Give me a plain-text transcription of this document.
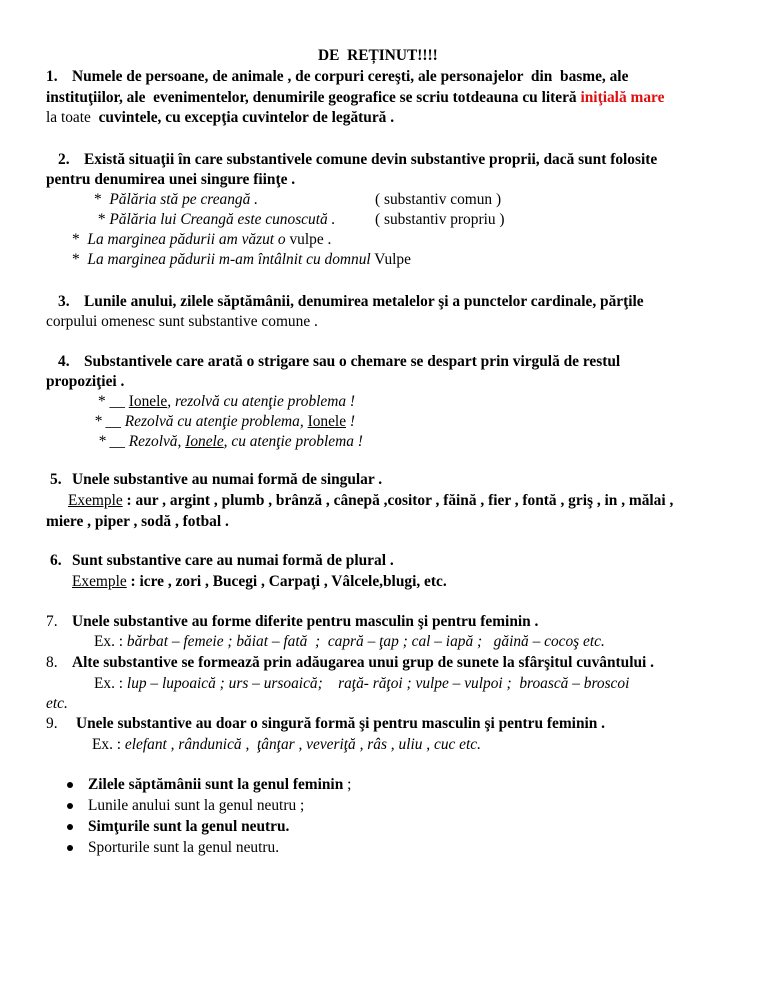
DE  REȚINUT!!!!
1. Numele de persoane, de animale , de corpuri cereşti, ale personajelor  din  basme, ale
instituţiilor, ale  evenimentelor, denumirile geografice se scriu totdeauna cu literă iniţială mare
la toate  cuvintele, cu excepţia cuvintelor de legătură .
2. Există situaţii în care substantivele comune devin substantive proprii, dacă sunt folosite
pentru denumirea unei singure fiinţe .
*  Pălăria stă pe creangă .	( substantiv comun )
* Pălăria lui Creangă este cunoscută .	( substantiv propriu )
*  La marginea pădurii am văzut o vulpe .
*  La marginea pădurii m-am întâlnit cu domnul Vulpe
3. Lunile anului, zilele săptămânii, denumirea metalelor şi a punctelor cardinale, părţile
corpului omenesc sunt substantive comune .
4. Substantivele care arată o strigare sau o chemare se despart prin virgulă de restul
propoziţiei .
* __ Ionele, rezolvă cu atenţie problema !
* __ Rezolvă cu atenţie problema, Ionele !
* __ Rezolvă, Ionele, cu atenţie problema !
5. Unele substantive au numai formă de singular .
Exemple : aur , argint , plumb , brânză , cânepă ,cositor , făină , fier , fontă , griş , in , mălai ,
miere , piper , sodă , fotbal .
6. Sunt substantive care au numai formă de plural .
Exemple : icre , zori , Bucegi , Carpaţi , Vâlcele,blugi, etc.
7. Unele substantive au forme diferite pentru masculin şi pentru feminin .
Ex. : bărbat – femeie ; băiat – fată  ;  capră – ţap ; cal – iapă ;   găină – cocoş etc.
8. Alte substantive se formează prin adăugarea unui grup de sunete la sfârşitul cuvântului .
Ex. : lup – lupoaică ; urs – ursoaică;    raţă- răţoi ; vulpe – vulpoi ;  broască – broscoi
etc.
9. Unele substantive au doar o singură formă şi pentru masculin şi pentru feminin .
Ex. : elefant , rândunică ,  ţânţar , veveriţă , râs , uliu , cuc etc.
Zilele săptămânii sunt la genul feminin ;
Lunile anului sunt la genul neutru ;
Simţurile sunt la genul neutru.
Sporturile sunt la genul neutru.
